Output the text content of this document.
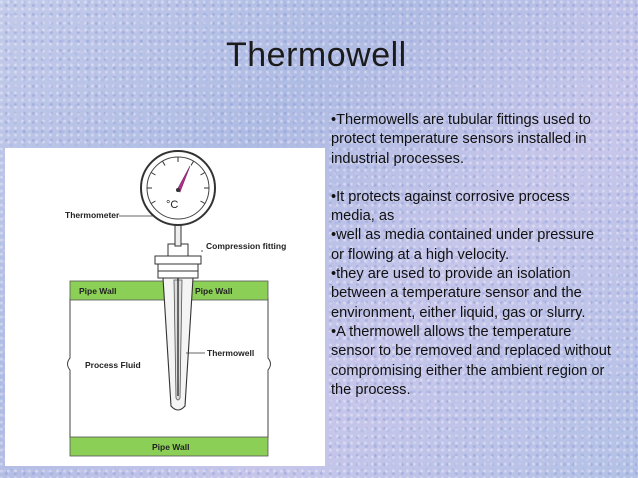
Thermowell

•Thermowells are tubular fittings used to protect temperature sensors installed in industrial processes.

•It protects against corrosive process media, as

•well as media contained under pressure or flowing at a high velocity.

•they are used to provide an isolation between a temperature sensor and the environment, either liquid, gas or slurry.

•A thermowell allows the temperature sensor to be removed and replaced without compromising either the ambient region or the process.

°C
Thermometer
Compression fitting
Pipe Wall	Pipe Wall
Thermowell
Process Fluid
Pipe Wall
